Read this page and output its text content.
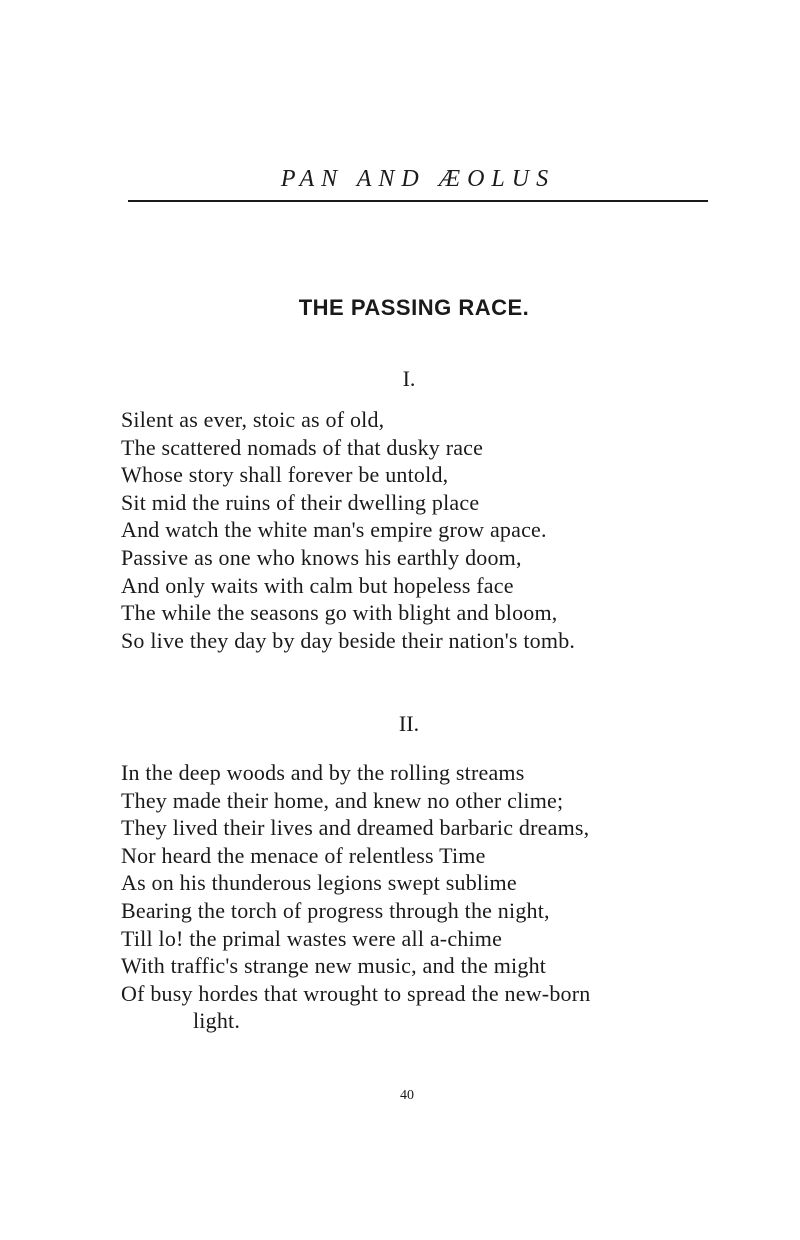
PAN AND ÆOLUS
THE PASSING RACE.
I.
Silent as ever, stoic as of old,
The scattered nomads of that dusky race
Whose story shall forever be untold,
Sit mid the ruins of their dwelling place
And watch the white man's empire grow apace.
Passive as one who knows his earthly doom,
And only waits with calm but hopeless face
The while the seasons go with blight and bloom,
So live they day by day beside their nation's tomb.
II.
In the deep woods and by the rolling streams
They made their home, and knew no other clime;
They lived their lives and dreamed barbaric dreams,
Nor heard the menace of relentless Time
As on his thunderous legions swept sublime
Bearing the torch of progress through the night,
Till lo! the primal wastes were all a-chime
With traffic's strange new music, and the might
Of busy hordes that wrought to spread the new-born
light.
40
